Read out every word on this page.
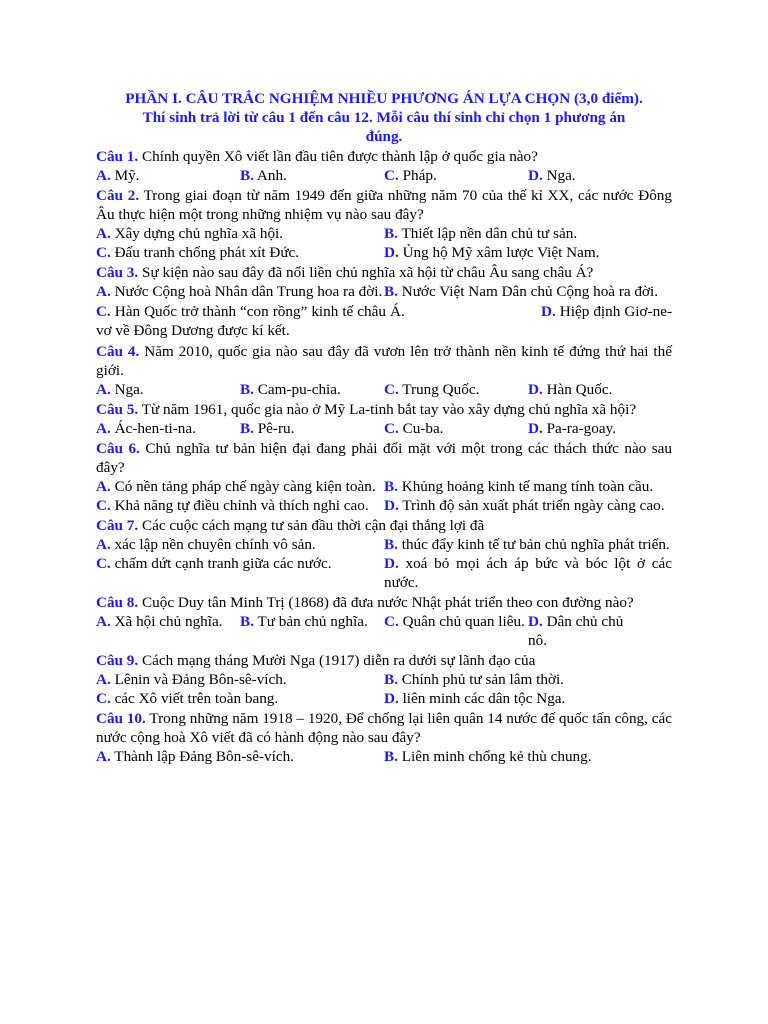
PHẦN I. CÂU TRẮC NGHIỆM NHIỀU PHƯƠNG ÁN LỰA CHỌN (3,0 điểm).
Thí sinh trả lời từ câu 1 đến câu 12. Mỗi câu thí sinh chỉ chọn 1 phương án
đúng.
Câu 1. Chính quyền Xô viết lần đầu tiên được thành lập ở quốc gia nào?
A. Mỹ.	B. Anh.	C. Pháp.	D. Nga.
Câu 2. Trong giai đoạn từ năm 1949 đến giữa những năm 70 của thế kỉ XX, các nước Đông Âu thực hiện một trong những nhiệm vụ nào sau đây?
A. Xây dựng chủ nghĩa xã hội.	B. Thiết lập nền dân chủ tư sản.
C. Đấu tranh chống phát xít Đức.	D. Ủng hộ Mỹ xâm lược Việt Nam.
Câu 3. Sự kiện nào sau đây đã nối liền chủ nghĩa xã hội từ châu Âu sang châu Á?
A. Nước Cộng hoà Nhân dân Trung hoa ra đời. B. Nước Việt Nam Dân chủ Cộng hoà ra đời.
C. Hàn Quốc trở thành “con rồng” kinh tế châu Á.	D. Hiệp định Giơ-ne-vơ về Đông Dương được kí kết.
Câu 4. Năm 2010, quốc gia nào sau đây đã vươn lên trở thành nền kinh tế đứng thứ hai thế giới.
A. Nga.	B. Cam-pu-chia.	C. Trung Quốc.	D. Hàn Quốc.
Câu 5. Từ năm 1961, quốc gia nào ở Mỹ La-tinh bắt tay vào xây dựng chủ nghĩa xã hội?
A. Ác-hen-ti-na.	B. Pê-ru.	C. Cu-ba.	D. Pa-ra-goay.
Câu 6. Chủ nghĩa tư bản hiện đại đang phải đối mặt với một trong các thách thức nào sau đây?
A. Có nền tảng pháp chế ngày càng kiện toàn. B. Khủng hoảng kinh tế mang tính toàn cầu.
C. Khả năng tự điều chỉnh và thích nghi cao.	D. Trình độ sản xuất phát triển ngày càng cao.
Câu 7. Các cuộc cách mạng tư sản đầu thời cận đại thắng lợi đã
A. xác lập nền chuyên chính vô sản.	B. thúc đẩy kinh tế tư bản chủ nghĩa phát triển.
C. chấm dứt cạnh tranh giữa các nước.	D. xoá bỏ mọi ách áp bức và bóc lột ở các nước.
Câu 8. Cuộc Duy tân Minh Trị (1868) đã đưa nước Nhật phát triển theo con đường nào?
A. Xã hội chủ nghĩa.	B. Tư bản chủ nghĩa.	C. Quân chủ quan liêu. D. Dân chủ chủ nô.
Câu 9. Cách mạng tháng Mười Nga (1917) diễn ra dưới sự lãnh đạo của
A. Lênin và Đảng Bôn-sê-vích.	B. Chính phủ tư sản lâm thời.
C. các Xô viết trên toàn bang.	D. liên minh các dân tộc Nga.
Câu 10. Trong những năm 1918 – 1920, Để chống lại liên quân 14 nước đế quốc tấn công, các nước cộng hoà Xô viết đã có hành động nào sau đây?
A. Thành lập Đảng Bôn-sê-vích.	B. Liên minh chống kẻ thù chung.
